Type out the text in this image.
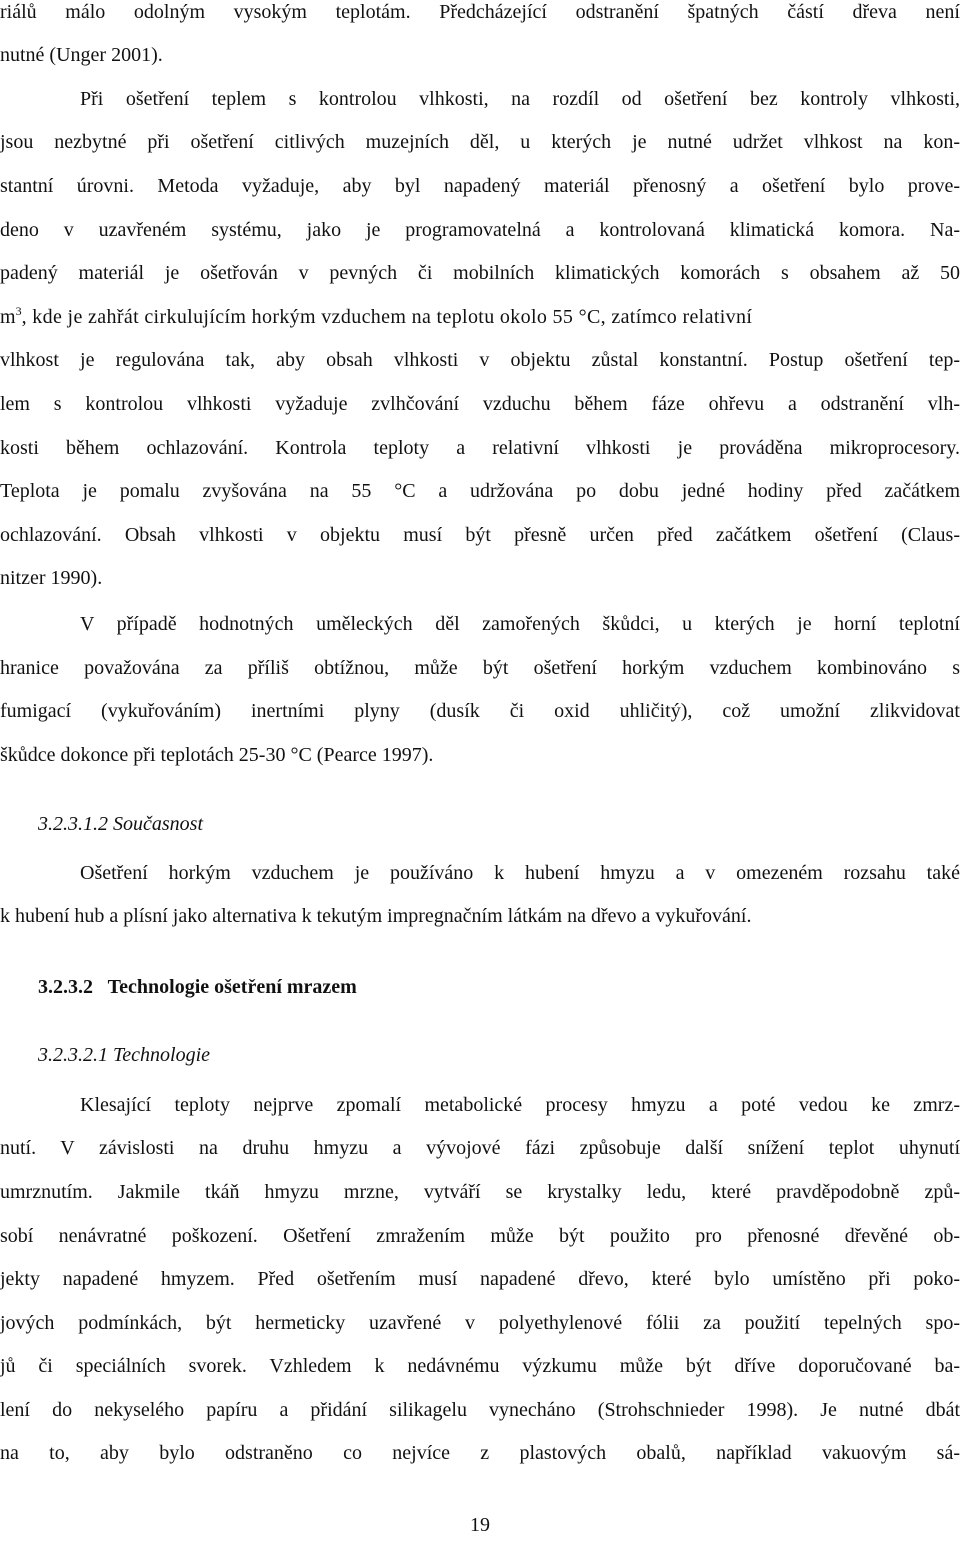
riálů málo odolným vysokým teplotám. Předcházející odstranění špatných částí dřeva není
nutné (Unger 2001).
Při ošetření teplem s kontrolou vlhkosti, na rozdíl od ošetření bez kontroly vlhkosti,
jsou nezbytné při ošetření citlivých muzejních děl, u kterých je nutné udržet vlhkost na kon-
stantní úrovni. Metoda vyžaduje, aby byl napadený materiál přenosný a ošetření bylo prove-
deno v uzavřeném systému, jako je programovatelná a kontrolovaná klimatická komora. Na-
padený materiál je ošetřován v pevných či mobilních klimatických komorách s obsahem až 50
$m^3$, kde je zahřát cirkulujícím horkým vzduchem na teplotu okolo 55 °C, zatímco relativní
vlhkost je regulována tak, aby obsah vlhkosti v objektu zůstal konstantní. Postup ošetření tep-
lem s kontrolou vlhkosti vyžaduje zvlhčování vzduchu během fáze ohřevu a odstranění vlh-
kosti během ochlazování. Kontrola teploty a relativní vlhkosti je prováděna mikroprocesory.
Teplota je pomalu zvyšována na 55 °C a udržována po dobu jedné hodiny před začátkem
ochlazování. Obsah vlhkosti v objektu musí být přesně určen před začátkem ošetření (Claus-
nitzer 1990).
V případě hodnotných uměleckých děl zamořených škůdci, u kterých je horní teplotní
hranice považována za příliš obtížnou, může být ošetření horkým vzduchem kombinováno s
fumigací (vykuřováním) inertními plyny (dusík či oxid uhličitý), což umožní zlikvidovat
škůdce dokonce při teplotách 25-30 °C (Pearce 1997).
3.2.3.1.2 Současnost
Ošetření horkým vzduchem je používáno k hubení hmyzu a v omezeném rozsahu také
k hubení hub a plísní jako alternativa k tekutým impregnačním látkám na dřevo a vykuřování.
3.2.3.2   Technologie ošetření mrazem
3.2.3.2.1 Technologie
Klesající teploty nejprve zpomalí metabolické procesy hmyzu a poté vedou ke zmrz-
nutí. V závislosti na druhu hmyzu a vývojové fázi způsobuje další snížení teplot uhynutí
umrznutím. Jakmile tkáň hmyzu mrzne, vytváří se krystalky ledu, které pravděpodobně způ-
sobí nenávratné poškození. Ošetření zmražením může být použito pro přenosné dřevěné ob-
jekty napadené hmyzem. Před ošetřením musí napadené dřevo, které bylo umístěno při poko-
jových podmínkách, být hermeticky uzavřené v polyethylenové fólii za použití tepelných spo-
jů či speciálních svorek. Vzhledem k nedávnému výzkumu může být dříve doporučované ba-
lení do nekyselého papíru a přidání silikagelu vynecháno (Strohschnieder 1998). Je nutné dbát
na to, aby bylo odstraněno co nejvíce z plastových obalů, například vakuovým sá-
19
